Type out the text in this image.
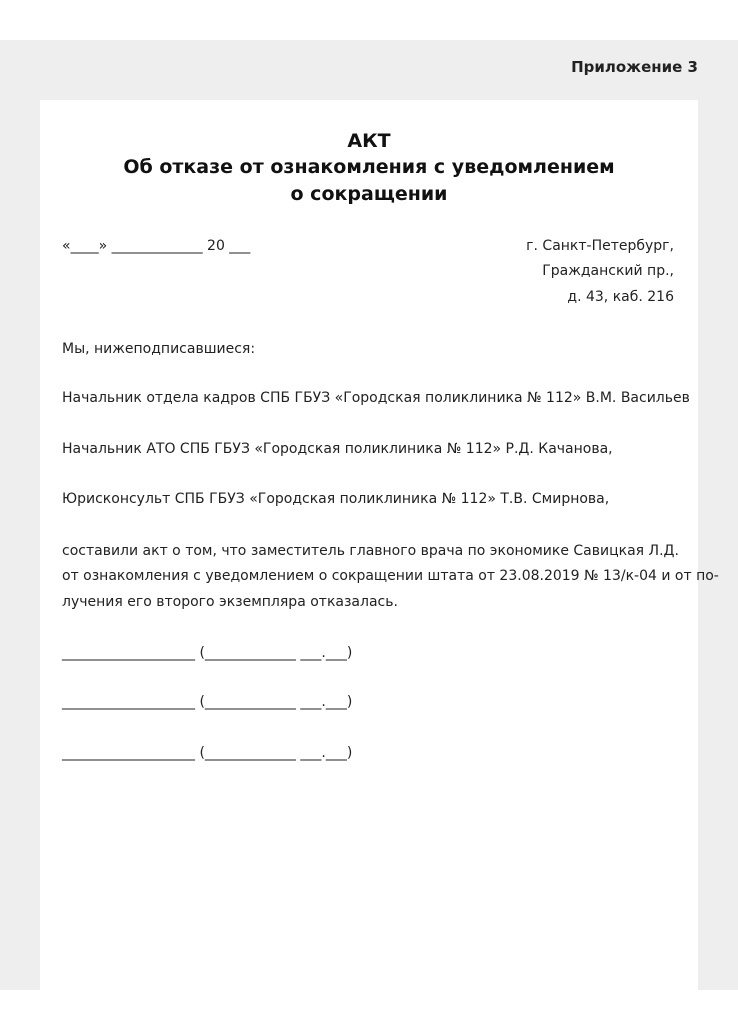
Приложение 3
АКТ
Об отказе от ознакомления с уведомлением
о сокращении
«____» _____________ 20 ___	г. Санкт-Петербург,
Гражданский пр.,
д. 43, каб. 216
Мы, нижеподписавшиеся:
Начальник отдела кадров СПБ ГБУЗ «Городская поликлиника № 112» В.М. Васильев
Начальник АТО СПБ ГБУЗ «Городская поликлиника № 112» Р.Д. Качанова,
Юрисконсульт СПБ ГБУЗ «Городская поликлиника № 112» Т.В. Смирнова,
составили акт о том, что заместитель главного врача по экономике Савицкая Л.Д.
от ознакомления с уведомлением о сокращении штата от 23.08.2019 № 13/к-04 и от по-
лучения его второго экземпляра отказалась.
___________________ (_____________ ___.___)
___________________ (_____________ ___.___)
___________________ (_____________ ___.___)
